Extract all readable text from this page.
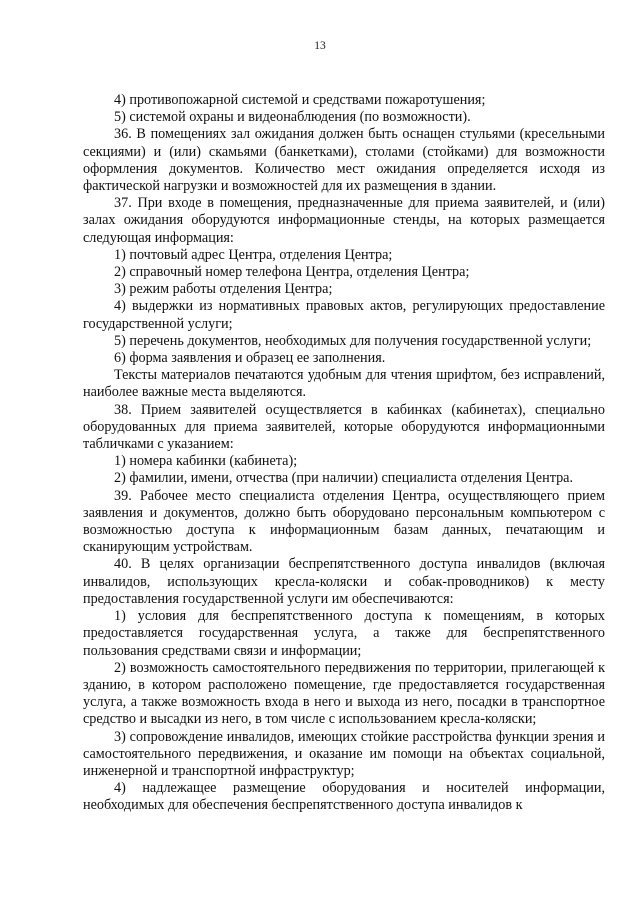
13

4) противопожарной системой и средствами пожаротушения;

5) системой охраны и видеонаблюдения (по возможности).

36. В помещениях зал ожидания должен быть оснащен стульями (кресельными секциями) и (или) скамьями (банкетками), столами (стойками) для возможности оформления документов. Количество мест ожидания определяется исходя из фактической нагрузки и возможностей для их размещения в здании.

37. При входе в помещения, предназначенные для приема заявителей, и (или) залах ожидания оборудуются информационные стенды, на которых размещается следующая информация:

1) почтовый адрес Центра, отделения Центра;

2) справочный номер телефона Центра, отделения Центра;

3) режим работы отделения Центра;

4) выдержки из нормативных правовых актов, регулирующих предоставление государственной услуги;

5) перечень документов, необходимых для получения государственной услуги;

6) форма заявления и образец ее заполнения.

Тексты материалов печатаются удобным для чтения шрифтом, без исправлений, наиболее важные места выделяются.

38. Прием заявителей осуществляется в кабинках (кабинетах), специально оборудованных для приема заявителей, которые оборудуются информационными табличками с указанием:

1) номера кабинки (кабинета);

2) фамилии, имени, отчества (при наличии) специалиста отделения Центра.

39. Рабочее место специалиста отделения Центра, осуществляющего прием заявления и документов, должно быть оборудовано персональным компьютером с возможностью доступа к информационным базам данных, печатающим и сканирующим устройствам.

40. В целях организации беспрепятственного доступа инвалидов (включая инвалидов, использующих кресла-коляски и собак-проводников) к месту предоставления государственной услуги им обеспечиваются:

1) условия для беспрепятственного доступа к помещениям, в которых предоставляется государственная услуга, а также для беспрепятственного пользования средствами связи и информации;

2) возможность самостоятельного передвижения по территории, прилегающей к зданию, в котором расположено помещение, где предоставляется государственная услуга, а также возможность входа в него и выхода из него, посадки в транспортное средство и высадки из него, в том числе с использованием кресла-коляски;

3) сопровождение инвалидов, имеющих стойкие расстройства функции зрения и самостоятельного передвижения, и оказание им помощи на объектах социальной, инженерной и транспортной инфраструктур;

4) надлежащее размещение оборудования и носителей информации, необходимых для обеспечения беспрепятственного доступа инвалидов к
